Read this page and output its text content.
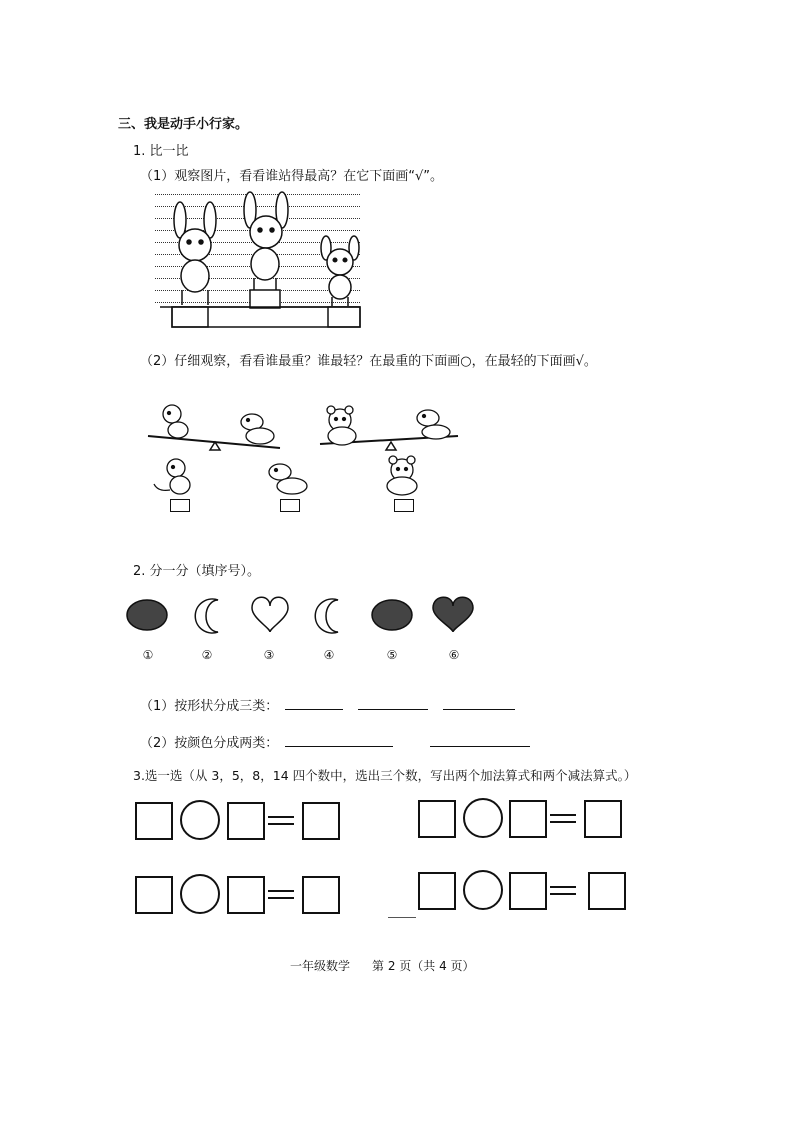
三、我是动手小行家。
1. 比一比
（1）观察图片，看看谁站得最高？在它下面画“√”。
（2）仔细观察，看看谁最重？谁最轻？在最重的下面画○，在最轻的下面画√。
2. 分一分（填序号）。
①	②	③	④	⑤	⑥
（1）按形状分成三类：
（2）按颜色分成两类：
3.选一选（从 3，5，8，14 四个数中，选出三个数，写出两个加法算式和两个减法算式。）
一年级数学 第 2 页（共 4 页）
